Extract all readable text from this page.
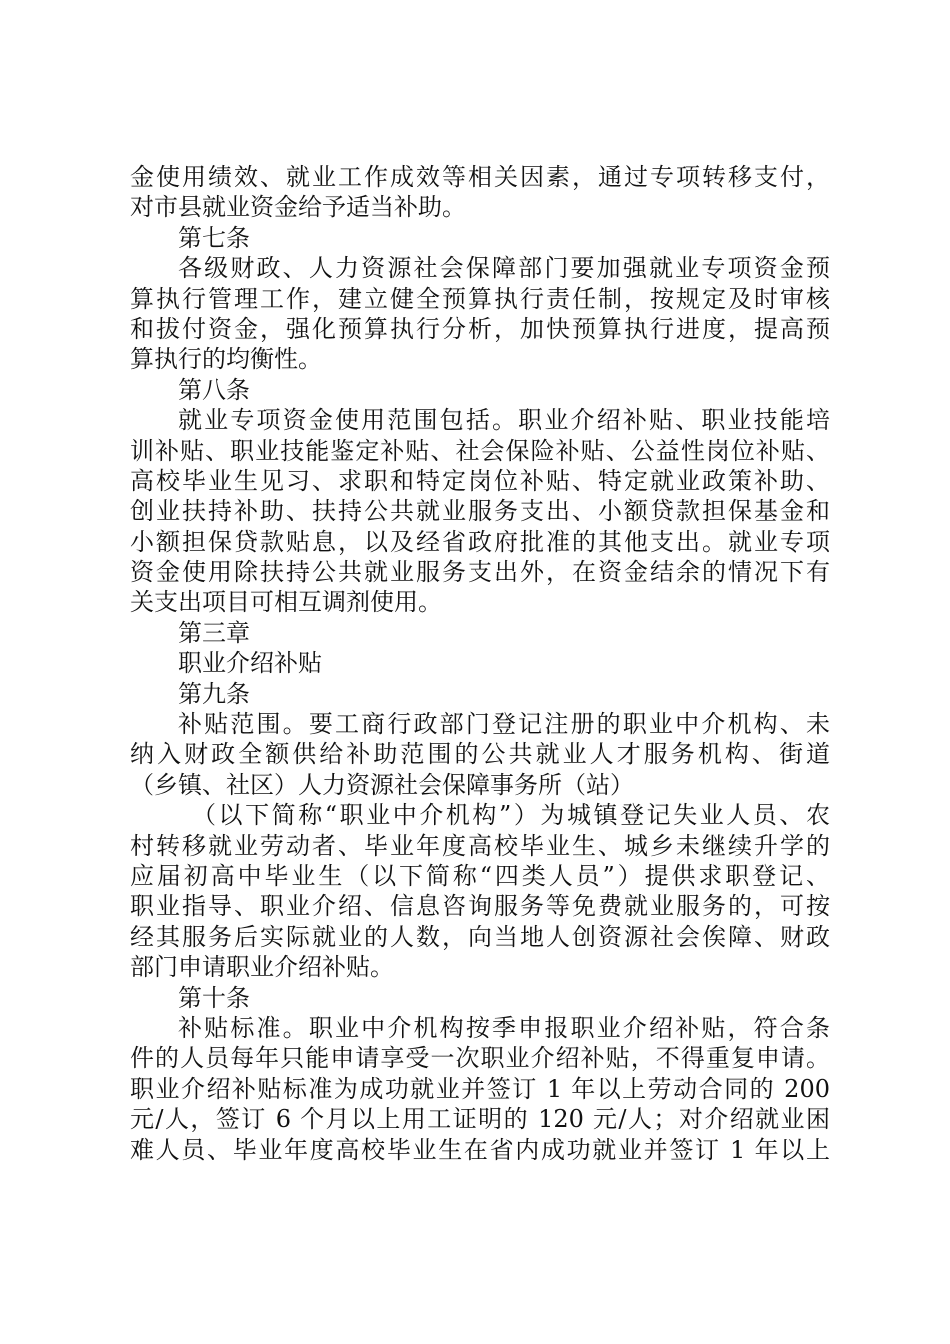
金使用绩效、就业工作成效等相关因素，通过专项转移支付，
对市县就业资金给予适当补助。
第七条
各级财政、人力资源社会保障部门要加强就业专项资金预
算执行管理工作，建立健全预算执行责任制，按规定及时审核
和拔付资金，强化预算执行分析，加快预算执行进度，提高预
算执行的均衡性。
第八条
就业专项资金使用范围包括。职业介绍补贴、职业技能培
训补贴、职业技能鉴定补贴、社会保险补贴、公益性岗位补贴、
高校毕业生见习、求职和特定岗位补贴、特定就业政策补助、
创业扶持补助、扶持公共就业服务支出、小额贷款担保基金和
小额担保贷款贴息，以及经省政府批准的其他支出。就业专项
资金使用除扶持公共就业服务支出外，在资金结余的情况下有
关支出项目可相互调剂使用。
第三章
职业介绍补贴
第九条
补贴范围。要工商行政部门登记注册的职业中介机构、未
纳入财政全额供给补助范围的公共就业人才服务机构、街道
（乡镇、社区）人力资源社会保障事务所（站）
（以下简称“职业中介机构”）为城镇登记失业人员、农
村转移就业劳动者、毕业年度高校毕业生、城乡未继续升学的
应届初高中毕业生（以下简称“四类人员”）提供求职登记、
职业指导、职业介绍、信息咨询服务等免费就业服务的，可按
经其服务后实际就业的人数，向当地人创资源社会俟障、财政
部门申请职业介绍补贴。
第十条
补贴标准。职业中介机构按季申报职业介绍补贴，符合条
件的人员每年只能申请享受一次职业介绍补贴，不得重复申请。
职业介绍补贴标准为成功就业并签订 1 年以上劳动合同的 200
元/人，签订 6 个月以上用工证明的 120 元/人；对介绍就业困
难人员、毕业年度高校毕业生在省内成功就业并签订 1 年以上
